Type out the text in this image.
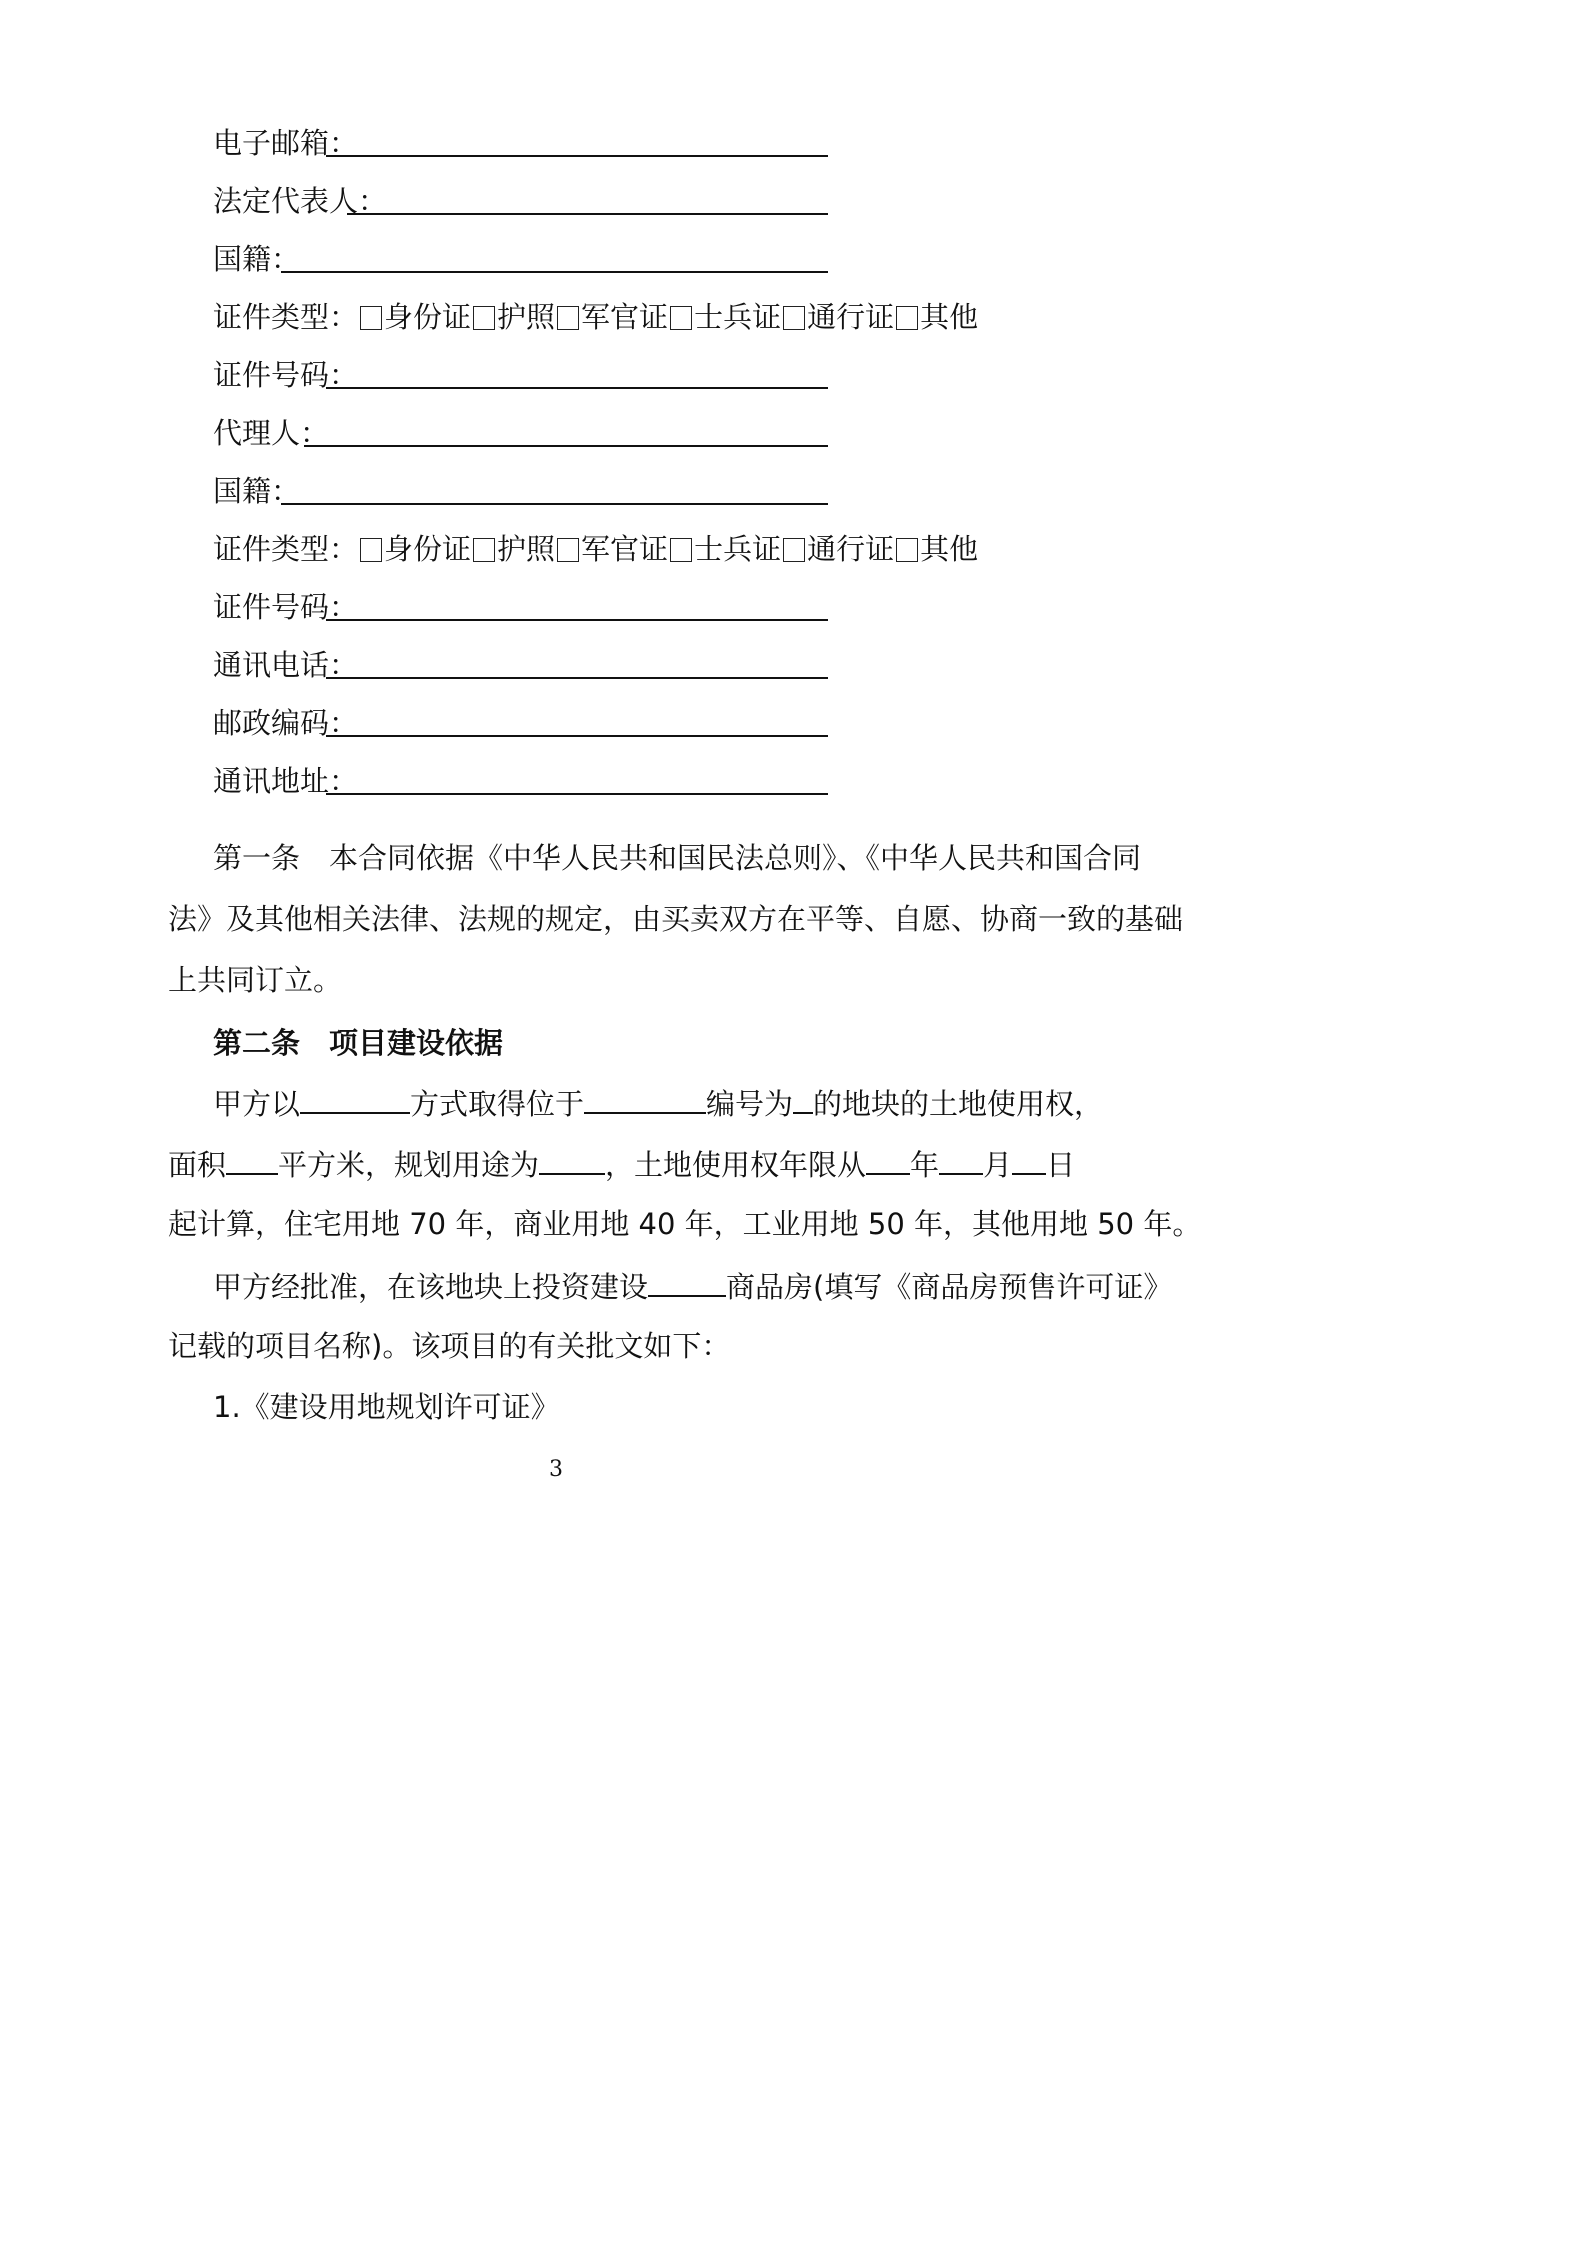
电子邮箱：
法定代表人：
国籍：
证件类型： 身份证 护照 军官证 士兵证 通行证 其他
证件号码：
代理人：
国籍：
证件类型： 身份证 护照 军官证 士兵证 通行证 其他
证件号码：
通讯电话：
邮政编码：
通讯地址：
第一条　本合同依据《中华人民共和国民法总则》、《中华人民共和国合同
法》及其他相关法律、法规的规定，由买卖双方在平等、自愿、协商一致的基础
上共同订立。
第二条　项目建设依据
甲方以	方式取得位于	编号为 的地块的土地使用权，
面积 平方米，规划用途为 ，土地使用权年限从 年 月 日
起计算，住宅用地 70 年，商业用地 40 年，工业用地 50 年，其他用地 50 年。
甲方经批准，在该地块上投资建设	商品房(填写《商品房预售许可证》
记载的项目名称)。该项目的有关批文如下：
1.《建设用地规划许可证》
3
